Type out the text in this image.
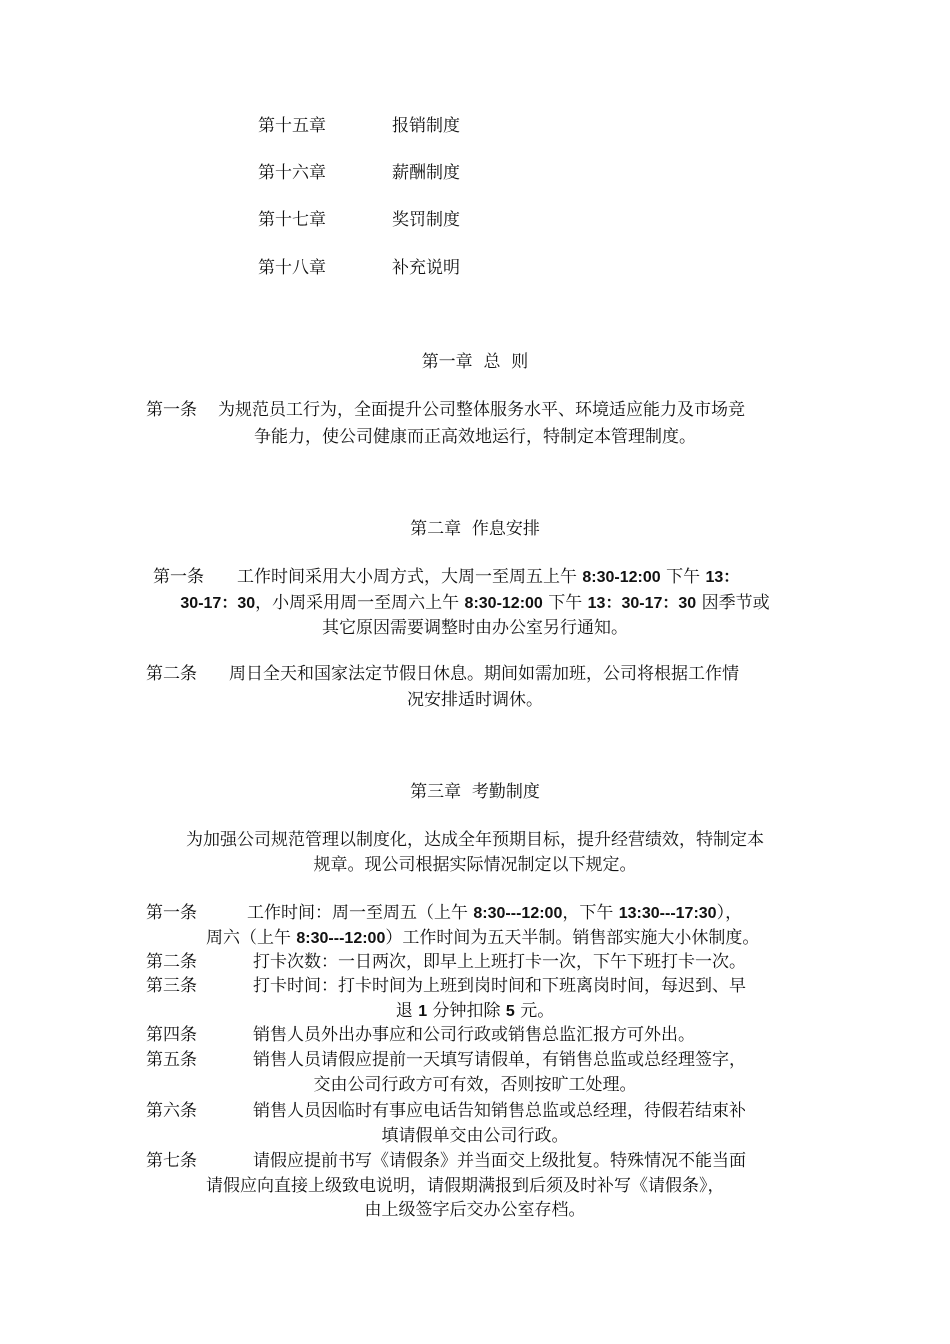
第十五章	报销制度
第十六章	薪酬制度
第十七章	奖罚制度
第十八章	补充说明
第一章  总  则
第一条 为规范员工行为，全面提升公司整体服务水平、环境适应能力及市场竞
争能力，使公司健康而正高效地运行，特制定本管理制度。
第二章  作息安排
第一条 工作时间采用大小周方式，大周一至周五上午 8:30-12:00 下午 13：
30-17：30，小周采用周一至周六上午 8:30-12:00 下午 13：30-17：30 因季节或
其它原因需要调整时由办公室另行通知。
第二条 周日全天和国家法定节假日休息。期间如需加班，公司将根据工作情
况安排适时调休。
第三章  考勤制度
为加强公司规范管理以制度化，达成全年预期目标，提升经营绩效，特制定本
规章。现公司根据实际情况制定以下规定。
第一条	工作时间：周一至周五（上午 8:30---12:00，下午 13:30---17:30），
周六（上午 8:30---12:00）工作时间为五天半制。销售部实施大小休制度。
第二条	打卡次数：一日两次，即早上上班打卡一次，下午下班打卡一次。
第三条	打卡时间：打卡时间为上班到岗时间和下班离岗时间，每迟到、早
退 1 分钟扣除 5 元。
第四条	销售人员外出办事应和公司行政或销售总监汇报方可外出。
第五条	销售人员请假应提前一天填写请假单，有销售总监或总经理签字，
交由公司行政方可有效，否则按旷工处理。
第六条	销售人员因临时有事应电话告知销售总监或总经理，待假若结束补
填请假单交由公司行政。
第七条	请假应提前书写《请假条》并当面交上级批复。特殊情况不能当面
请假应向直接上级致电说明，请假期满报到后须及时补写《请假条》，
由上级签字后交办公室存档。
